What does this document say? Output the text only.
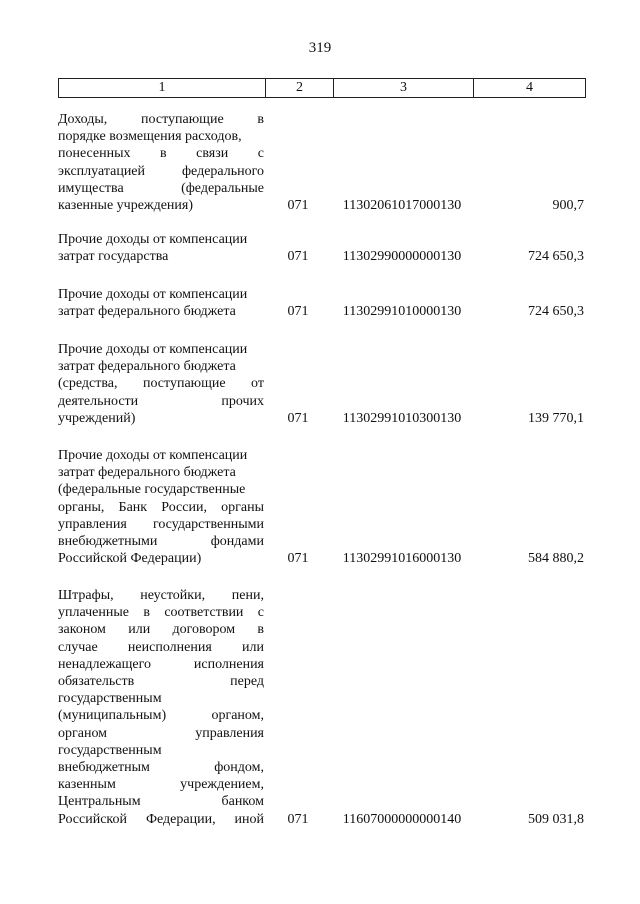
319
1	2	3	4
Доходы, поступающие в
порядке возмещения расходов,
понесенных в связи с
эксплуатацией федерального
имущества (федеральные
казенные учреждения)	071	11302061017000130	900,7
Прочие доходы от компенсации
затрат государства	071	11302990000000130	724 650,3
Прочие доходы от компенсации
затрат федерального бюджета	071	11302991010000130	724 650,3
Прочие доходы от компенсации
затрат федерального бюджета
(средства, поступающие от
деятельности прочих
учреждений)	071	11302991010300130	139 770,1
Прочие доходы от компенсации
затрат федерального бюджета
(федеральные государственные
органы, Банк России, органы
управления государственными
внебюджетными фондами
Российской Федерации)	071	11302991016000130	584 880,2
Штрафы, неустойки, пени,
уплаченные в соответствии с
законом или договором в
случае неисполнения или
ненадлежащего исполнения
обязательств перед
государственным
(муниципальным) органом,
органом управления
государственным
внебюджетным фондом,
казенным учреждением,
Центральным банком
Российской Федерации, иной	071	11607000000000140	509 031,8
